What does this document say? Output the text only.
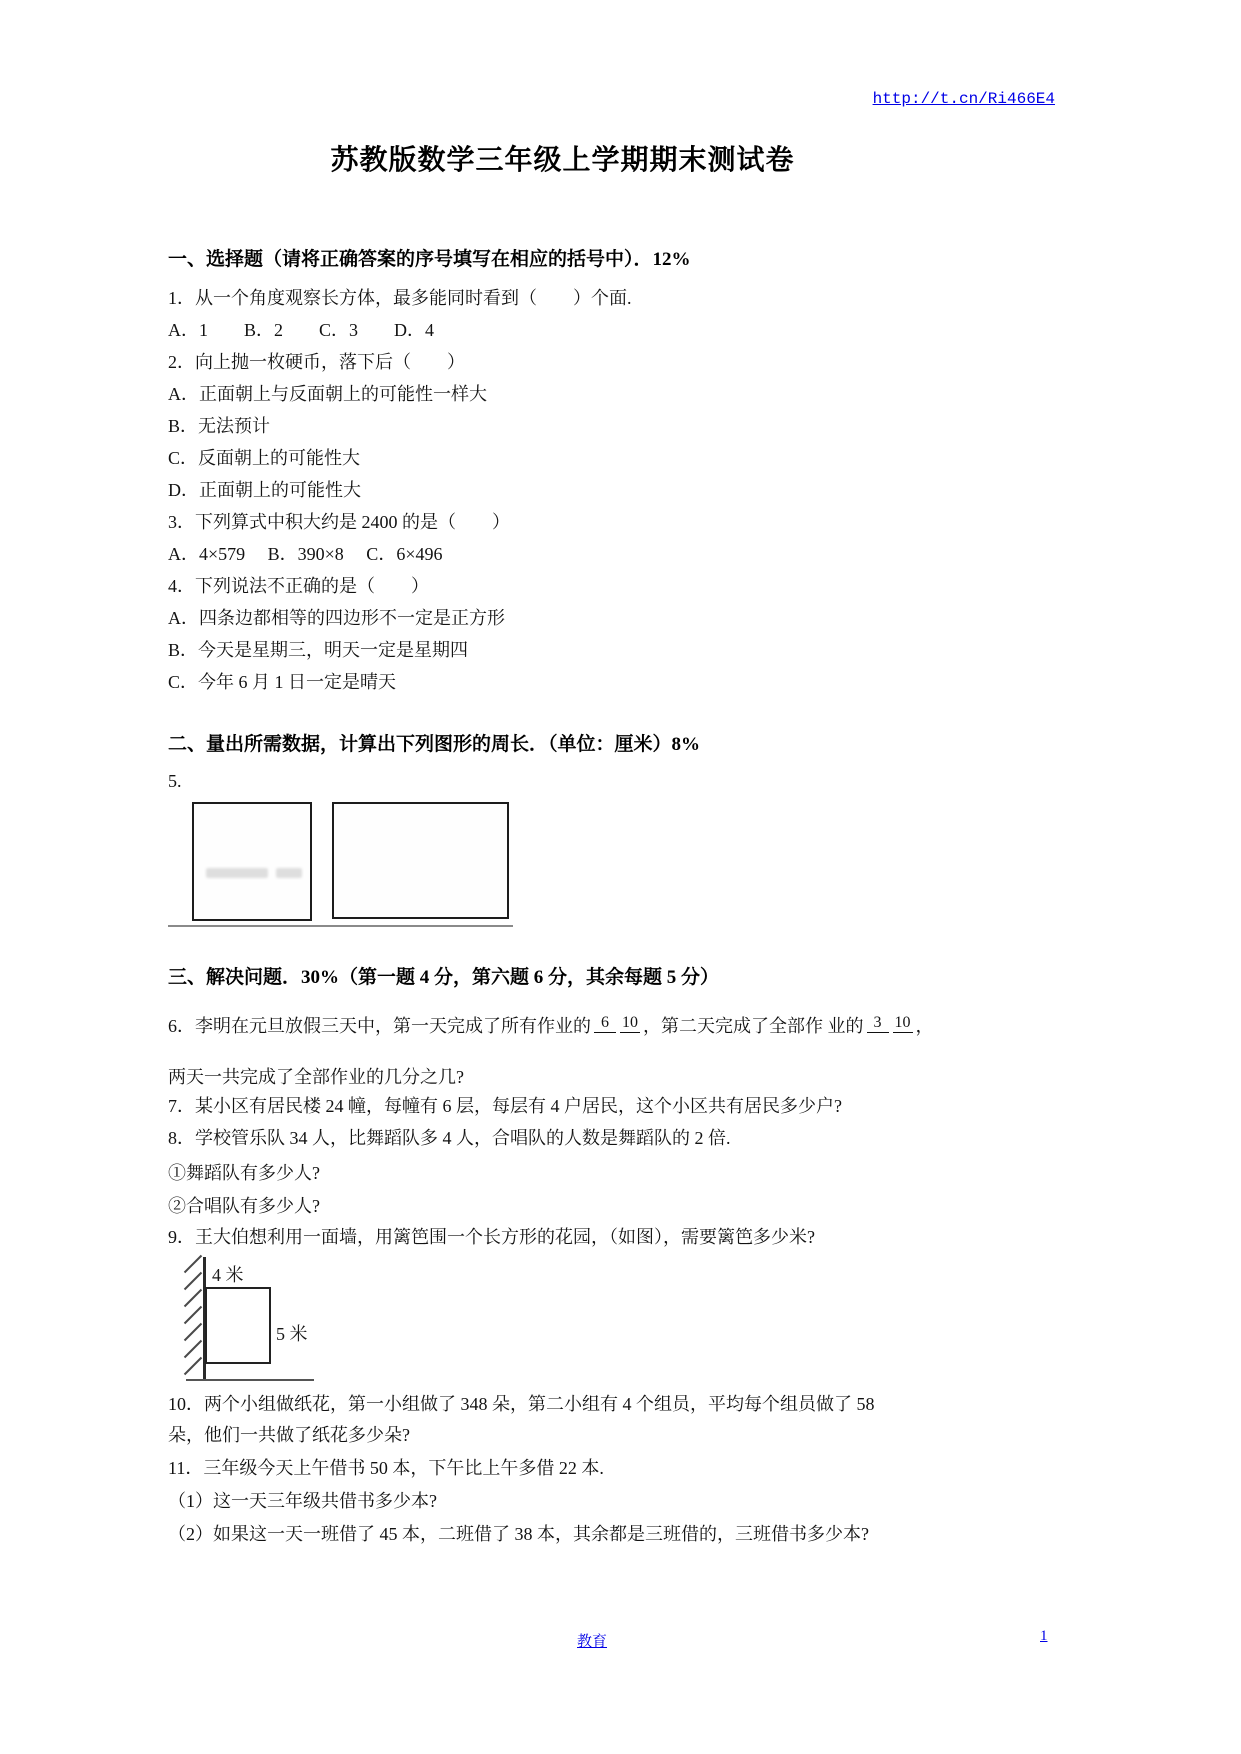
http://t.cn/Ri466E4
苏教版数学三年级上学期期末测试卷
一、选择题（请将正确答案的序号填写在相应的括号中）．12%
1．从一个角度观察长方体，最多能同时看到（　　）个面.
A．1　　B．2　　C．3　　D．4
2．向上抛一枚硬币，落下后（　　）
A．正面朝上与反面朝上的可能性一样大
B．无法预计
C．反面朝上的可能性大
D．正面朝上的可能性大
3．下列算式中积大约是 2400 的是（　　）
A．4×579　 B．390×8　 C．6×496
4．下列说法不正确的是（　　）
A．四条边都相等的四边形不一定是正方形
B．今天是星期三，明天一定是星期四
C．今年 6 月 1 日一定是晴天
二、量出所需数据，计算出下列图形的周长．（单位：厘米）8%
5.
三、解决问题．30%（第一题 4 分，第六题 6 分，其余每题 5 分）
6．李明在元旦放假三天中，第一天完成了所有作业的 6 10 ，第二天完成了全部作 业的 3 10 ，
两天一共完成了全部作业的几分之几?
7．某小区有居民楼 24 幢，每幢有 6 层，每层有 4 户居民，这个小区共有居民多少户?
8．学校管乐队 34 人，比舞蹈队多 4 人，合唱队的人数是舞蹈队的 2 倍.
①舞蹈队有多少人?
②合唱队有多少人?
9．王大伯想利用一面墙，用篱笆围一个长方形的花园，（如图），需要篱笆多少米?
4 米
5 米
10．两个小组做纸花，第一小组做了 348 朵，第二小组有 4 个组员，平均每个组员做了 58
朵，他们一共做了纸花多少朵?
11．三年级今天上午借书 50 本，下午比上午多借 22 本.
（1）这一天三年级共借书多少本?
（2）如果这一天一班借了 45 本，二班借了 38 本，其余都是三班借的，三班借书多少本?
教育	1
